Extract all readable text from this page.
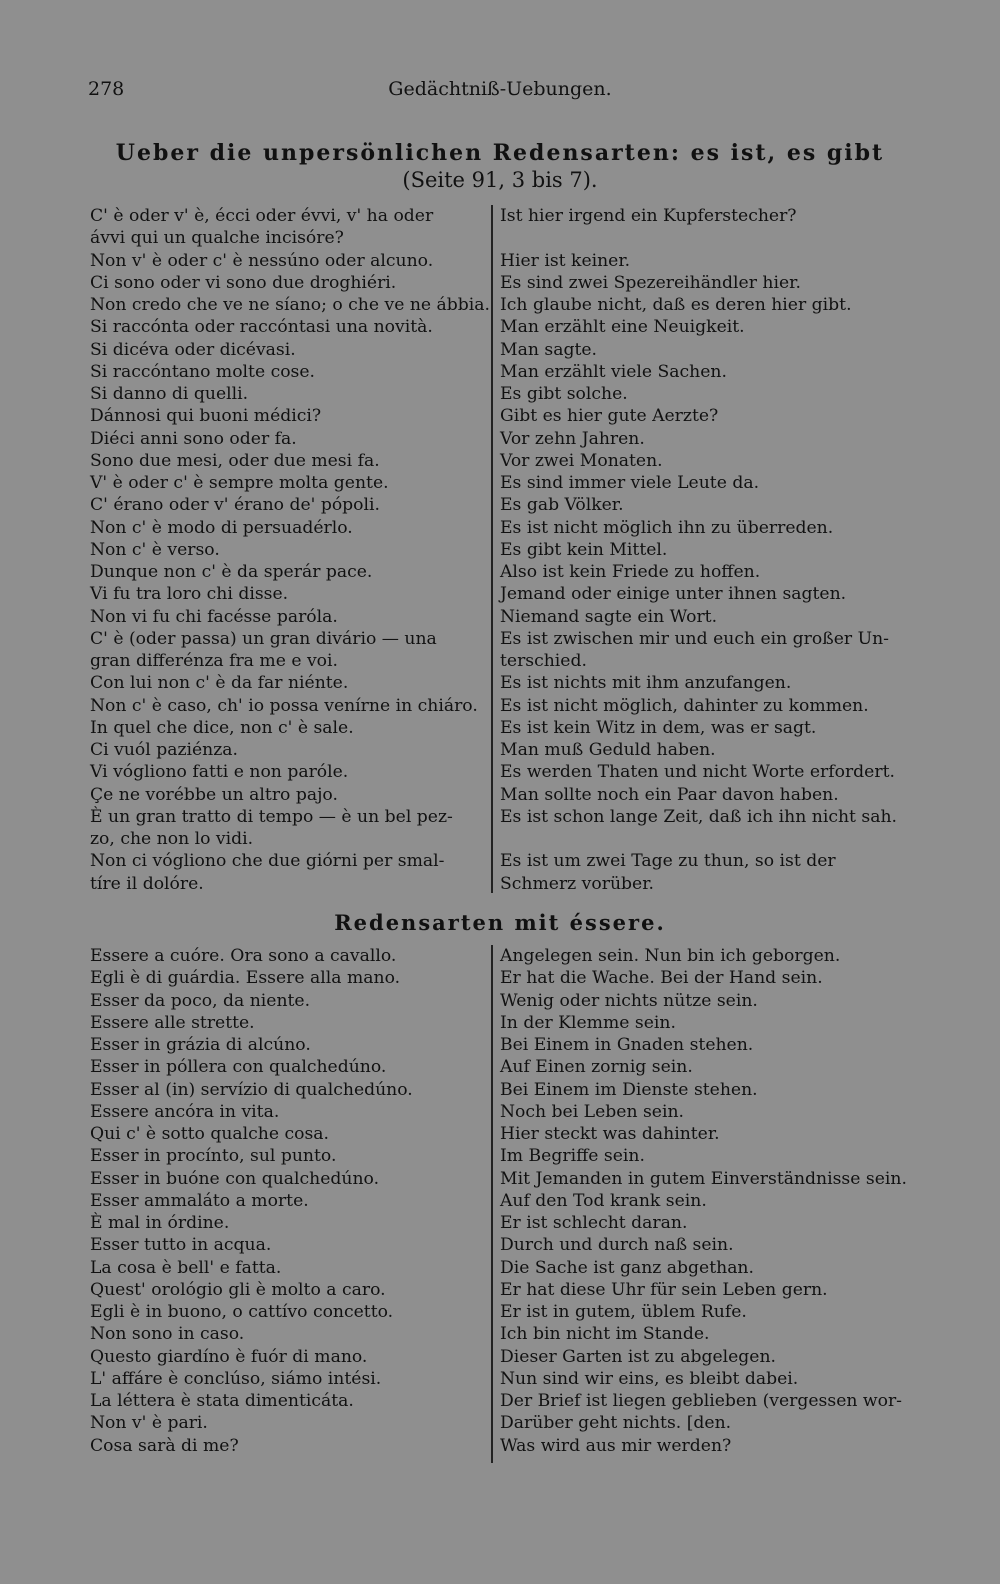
278	Gedächtniß-Uebungen.
Ueber die unpersönlichen Redensarten: es ist, es gibt
(Seite 91, 3 bis 7).
C' è oder v' è, écci oder évvi, v' ha oder
ávvi qui un qualche incisóre?
Non v' è oder c' è nessúno oder alcuno.
Ci sono oder vi sono due droghiéri.
Non credo che ve ne síano; o che ve ne ábbia.
Si raccónta oder raccóntasi una novità.
Si dicéva oder dicévasi.
Si raccóntano molte cose.
Si danno di quelli.
Dánnosi qui buoni médici?
Diéci anni sono oder fa.
Sono due mesi, oder due mesi fa.
V' è oder c' è sempre molta gente.
C' érano oder v' érano de' pópoli.
Non c' è modo di persuadérlo.
Non c' è verso.
Dunque non c' è da sperár pace.
Vi fu tra loro chi disse.
Non vi fu chi facésse paróla.
C' è (oder passa) un gran divário — una
gran differénza fra me e voi.
Con lui non c' è da far niénte.
Non c' è caso, ch' io possa venírne in chiáro.
In quel che dice, non c' è sale.
Ci vuól paziénza.
Vi vógliono fatti e non paróle.
Çe ne vorébbe un altro pajo.
È un gran tratto di tempo — è un bel pez-
zo, che non lo vidi.
Non ci vógliono che due giórni per smal-
tíre il dolóre.
Ist hier irgend ein Kupferstecher?

Hier ist keiner.
Es sind zwei Spezereihändler hier.
Ich glaube nicht, daß es deren hier gibt.
Man erzählt eine Neuigkeit.
Man sagte.
Man erzählt viele Sachen.
Es gibt solche.
Gibt es hier gute Aerzte?
Vor zehn Jahren.
Vor zwei Monaten.
Es sind immer viele Leute da.
Es gab Völker.
Es ist nicht möglich ihn zu überreden.
Es gibt kein Mittel.
Also ist kein Friede zu hoffen.
Jemand oder einige unter ihnen sagten.
Niemand sagte ein Wort.
Es ist zwischen mir und euch ein großer Un-
terschied.
Es ist nichts mit ihm anzufangen.
Es ist nicht möglich, dahinter zu kommen.
Es ist kein Witz in dem, was er sagt.
Man muß Geduld haben.
Es werden Thaten und nicht Worte erfordert.
Man sollte noch ein Paar davon haben.
Es ist schon lange Zeit, daß ich ihn nicht sah.

Es ist um zwei Tage zu thun, so ist der
Schmerz vorüber.
Redensarten mit éssere.
Essere a cuóre. Ora sono a cavallo.
Egli è di guárdia. Essere alla mano.
Esser da poco, da niente.
Essere alle strette.
Esser in grázia di alcúno.
Esser in póllera con qualchedúno.
Esser al (in) servízio di qualchedúno.
Essere ancóra in vita.
Qui c' è sotto qualche cosa.
Esser in procínto, sul punto.
Esser in buóne con qualchedúno.
Esser ammaláto a morte.
È mal in órdine.
Esser tutto in acqua.
La cosa è bell' e fatta.
Quest' orológio gli è molto a caro.
Egli è in buono, o cattívo concetto.
Non sono in caso.
Questo giardíno è fuór di mano.
L' affáre è conclúso, siámo intési.
La léttera è stata dimenticáta.
Non v' è pari.
Cosa sarà di me?
Angelegen sein. Nun bin ich geborgen.
Er hat die Wache. Bei der Hand sein.
Wenig oder nichts nütze sein.
In der Klemme sein.
Bei Einem in Gnaden stehen.
Auf Einen zornig sein.
Bei Einem im Dienste stehen.
Noch bei Leben sein.
Hier steckt was dahinter.
Im Begriffe sein.
Mit Jemanden in gutem Einverständnisse sein.
Auf den Tod krank sein.
Er ist schlecht daran.
Durch und durch naß sein.
Die Sache ist ganz abgethan.
Er hat diese Uhr für sein Leben gern.
Er ist in gutem, üblem Rufe.
Ich bin nicht im Stande.
Dieser Garten ist zu abgelegen.
Nun sind wir eins, es bleibt dabei.
Der Brief ist liegen geblieben (vergessen wor-
Darüber geht nichts. [den.
Was wird aus mir werden?
